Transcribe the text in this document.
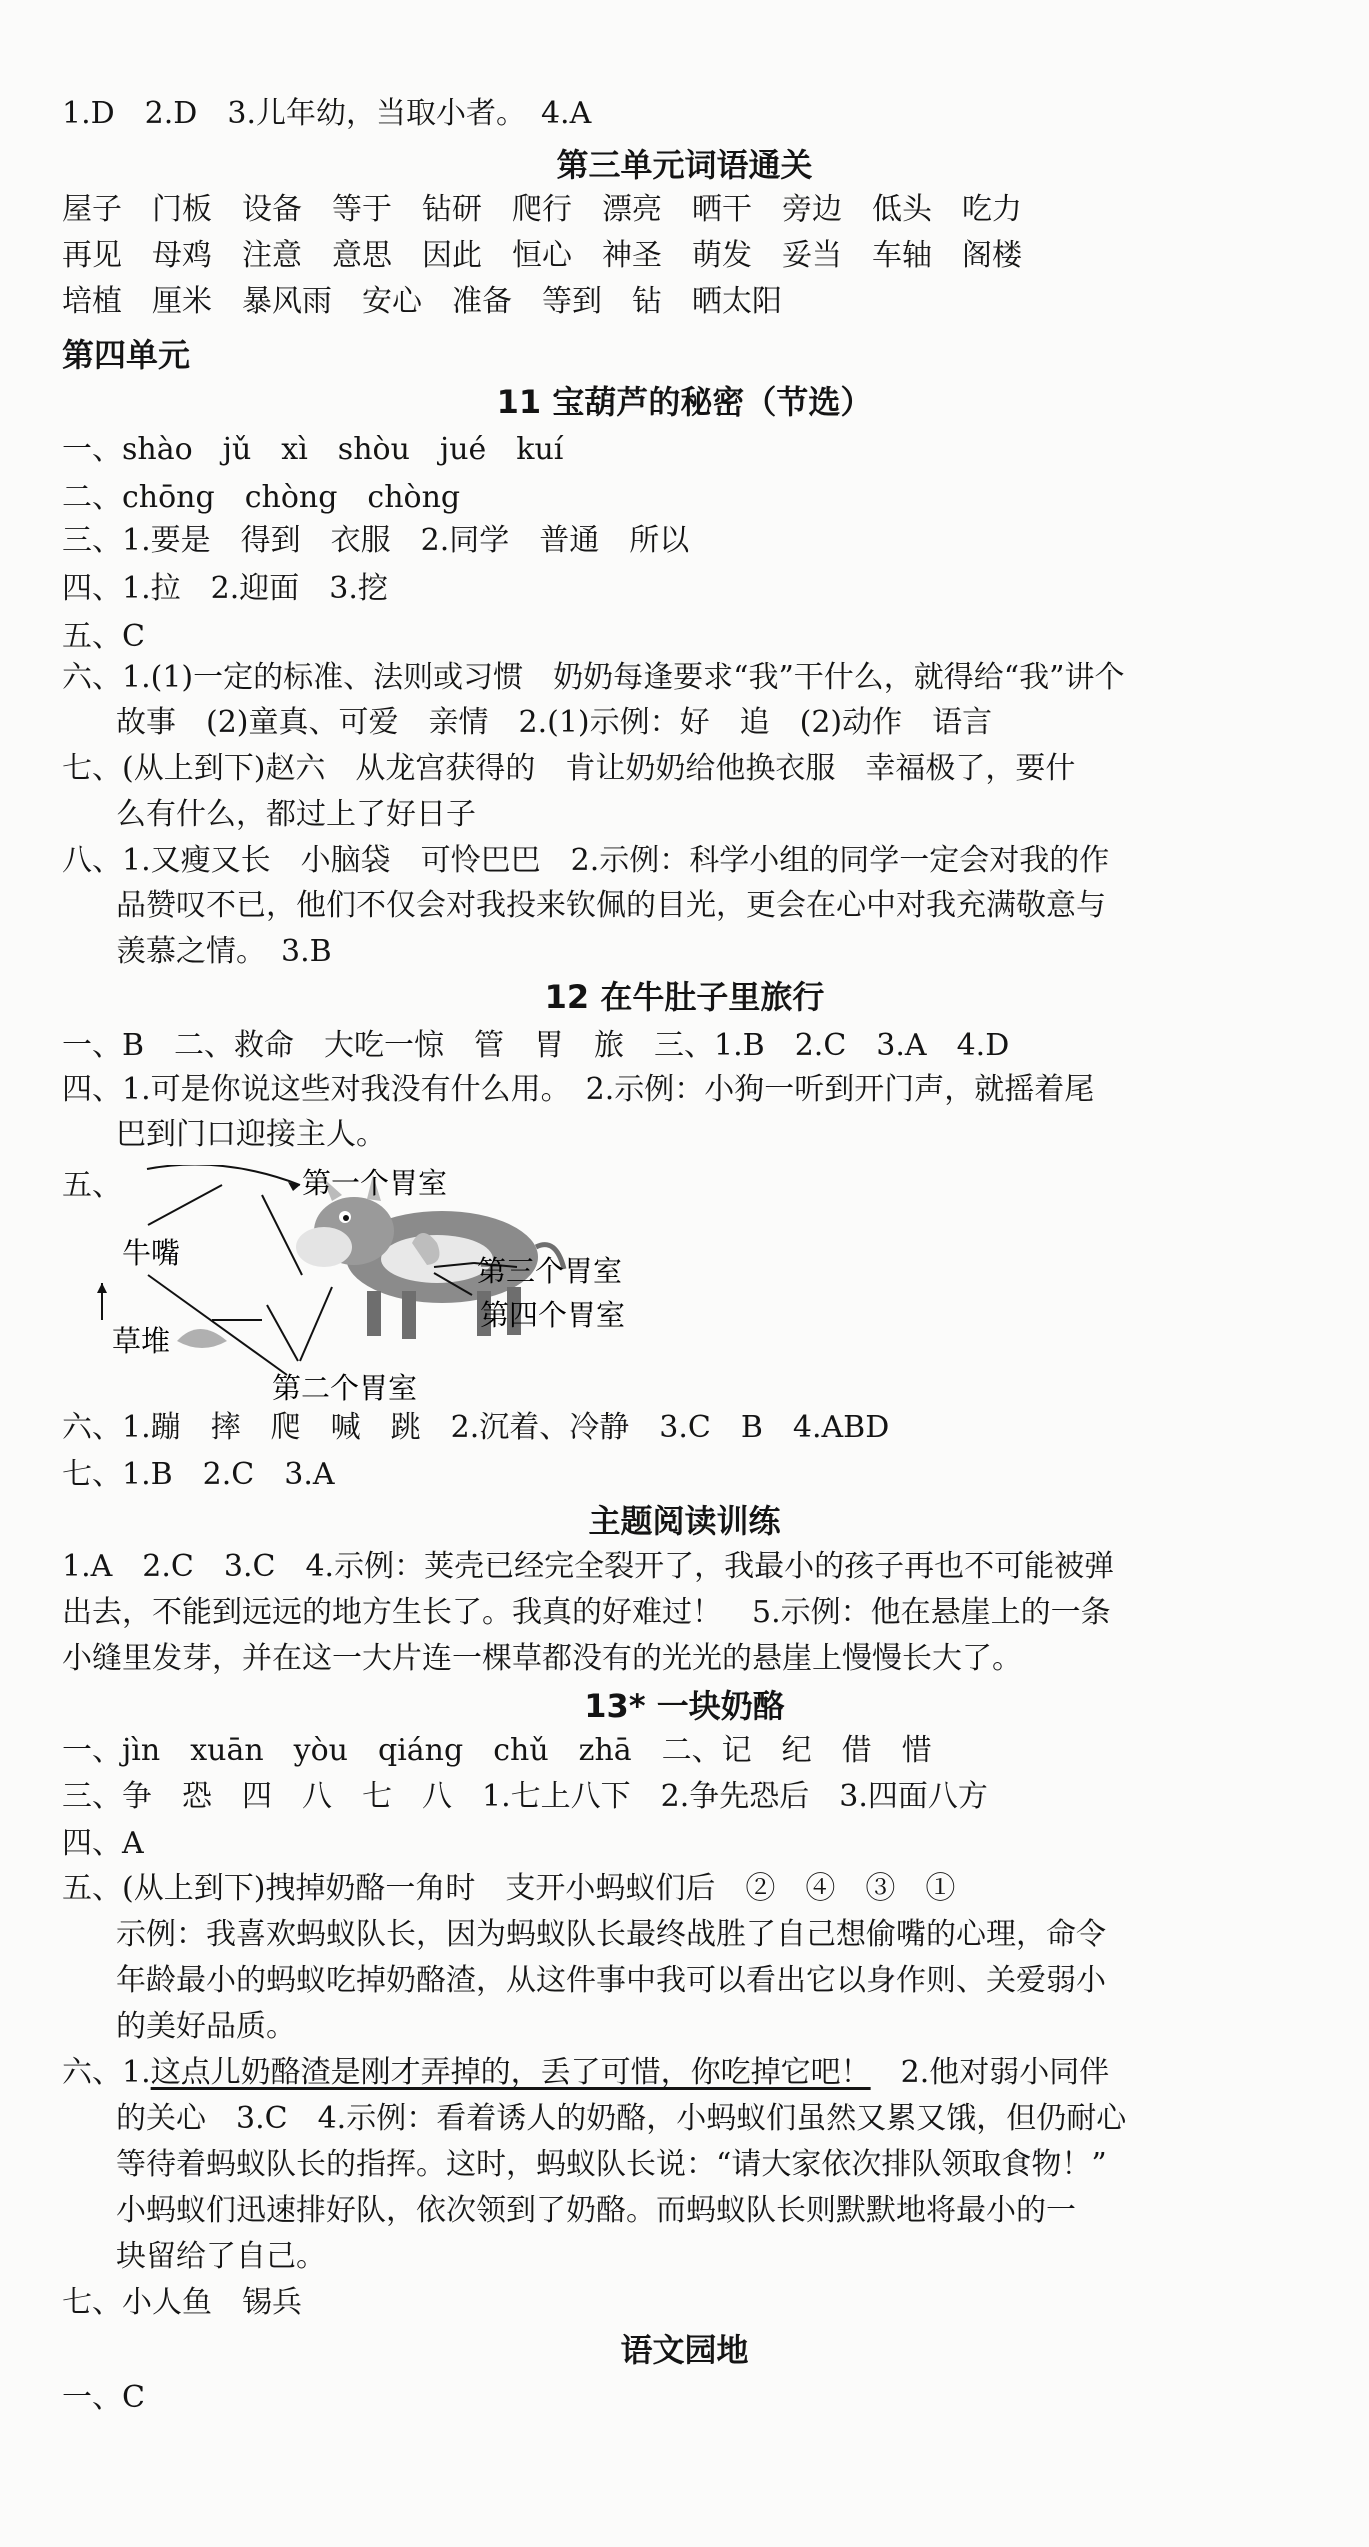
1.D　2.D　3.儿年幼，当取小者。　4.A
第三单元词语通关
屋子　门板　设备　等于　钻研　爬行　漂亮　晒干　旁边　低头　吃力
再见　母鸡　注意　意思　因此　恒心　神圣　萌发　妥当　车轴　阁楼
培植　厘米　暴风雨　安心　准备　等到　钻　晒太阳
第四单元
11 宝葫芦的秘密（节选）
一、shào　jǔ　xì　shòu　jué　kuí
二、chōng　chòng　chòng
三、1.要是　得到　衣服　2.同学　普通　所以
四、1.拉　2.迎面　3.挖
五、C
六、1.(1)一定的标准、法则或习惯　奶奶每逢要求“我”干什么，就得给“我”讲个
故事　(2)童真、可爱　亲情　2.(1)示例：好　追　(2)动作　语言
七、(从上到下)赵六　从龙宫获得的　肯让奶奶给他换衣服　幸福极了，要什
么有什么，都过上了好日子
八、1.又瘦又长　小脑袋　可怜巴巴　2.示例：科学小组的同学一定会对我的作
品赞叹不已，他们不仅会对我投来钦佩的目光，更会在心中对我充满敬意与
羡慕之情。　3.B
12 在牛肚子里旅行
一、B　二、救命　大吃一惊　管　胃　旅　三、1.B　2.C　3.A　4.D
四、1.可是你说这些对我没有什么用。　2.示例：小狗一听到开门声，就摇着尾
巴到门口迎接主人。
五、	第一个胃室
牛嘴
第三个胃室
草堆
第四个胃室
第二个胃室
六、1.蹦　摔　爬　喊　跳　2.沉着、冷静　3.C　B　4.ABD
七、1.B　2.C　3.A
主题阅读训练
1.A　2.C　3.C　4.示例：荚壳已经完全裂开了，我最小的孩子再也不可能被弹
出去，不能到远远的地方生长了。我真的好难过！　5.示例：他在悬崖上的一条
小缝里发芽，并在这一大片连一棵草都没有的光光的悬崖上慢慢长大了。
13* 一块奶酪
一、jìn　xuān　yòu　qiáng　chǔ　zhā　二、记　纪　借　惜
三、争　恐　四　八　七　八　1.七上八下　2.争先恐后　3.四面八方
四、A
五、(从上到下)拽掉奶酪一角时　支开小蚂蚁们后　②　④　③　①
示例：我喜欢蚂蚁队长，因为蚂蚁队长最终战胜了自己想偷嘴的心理，命令
年龄最小的蚂蚁吃掉奶酪渣，从这件事中我可以看出它以身作则、关爱弱小
的美好品质。
六、1.这点儿奶酪渣是刚才弄掉的，丢了可惜，你吃掉它吧！　2.他对弱小同伴
的关心　3.C　4.示例：看着诱人的奶酪，小蚂蚁们虽然又累又饿，但仍耐心
等待着蚂蚁队长的指挥。这时，蚂蚁队长说：“请大家依次排队领取食物！”
小蚂蚁们迅速排好队，依次领到了奶酪。而蚂蚁队长则默默地将最小的一
块留给了自己。
七、小人鱼　锡兵
语文园地
一、C
